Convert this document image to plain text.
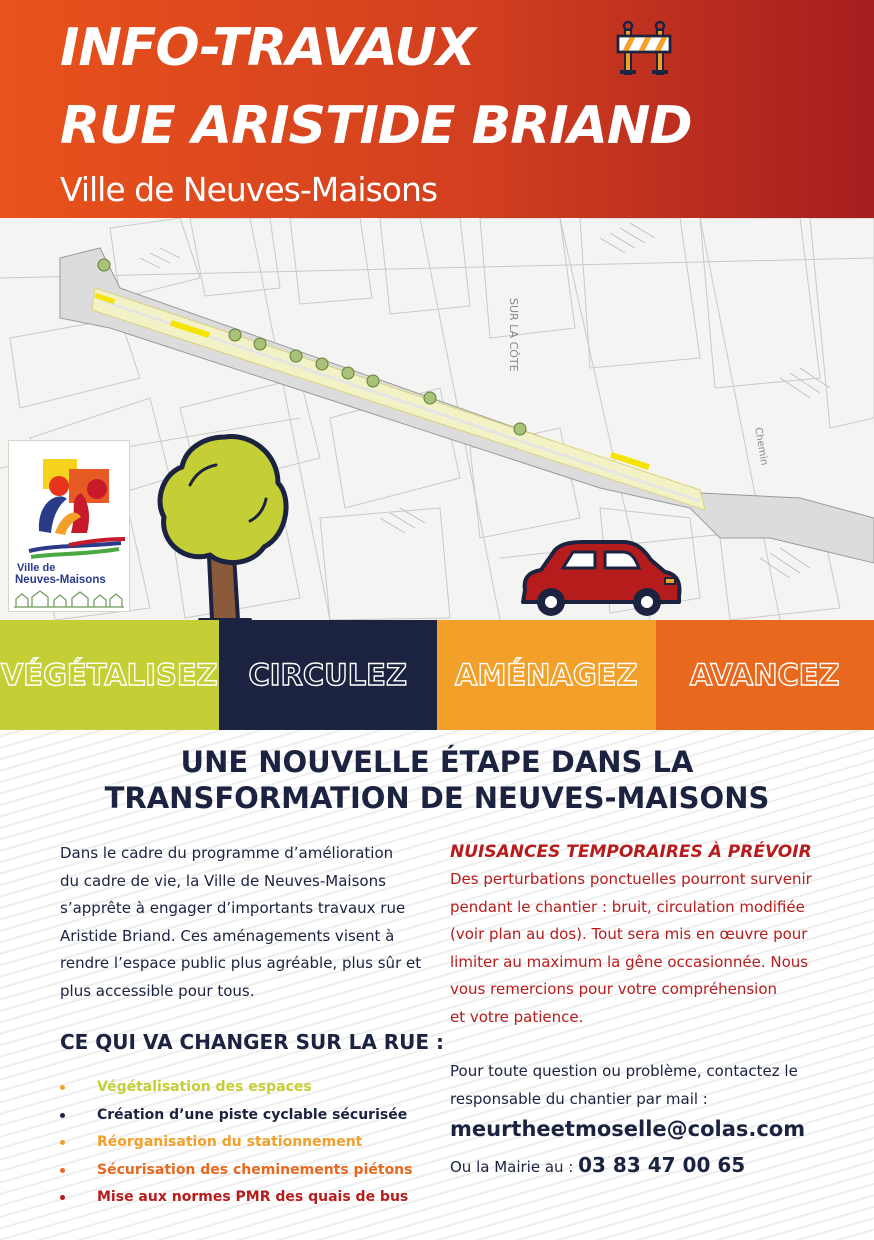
INFO-TRAVAUX
RUE ARISTIDE BRIAND
Ville de Neuves-Maisons
SUR LA CÔTE
Chemin
Ville de
Neuves-Maisons
VÉGÉTALISEZ CIRCULEZ AMÉNAGEZ AVANCEZ
UNE NOUVELLE ÉTAPE DANS LA
TRANSFORMATION DE NEUVES-MAISONS
Dans le cadre du programme d’amélioration
du cadre de vie, la Ville de Neuves-Maisons
s’apprête à engager d’importants travaux rue
Aristide Briand. Ces aménagements visent à
rendre l’espace public plus agréable, plus sûr et
plus accessible pour tous.
CE QUI VA CHANGER SUR LA RUE :
Végétalisation des espaces
Création d’une piste cyclable sécurisée
Réorganisation du stationnement
Sécurisation des cheminements piétons
Mise aux normes PMR des quais de bus
NUISANCES TEMPORAIRES À PRÉVOIR
Des perturbations ponctuelles pourront survenir
pendant le chantier : bruit, circulation modifiée
(voir plan au dos). Tout sera mis en œuvre pour
limiter au maximum la gêne occasionnée. Nous
vous remercions pour votre compréhension
et votre patience.
Pour toute question ou problème, contactez le
responsable du chantier par mail :
meurtheetmoselle@colas.com
Ou la Mairie au : 03 83 47 00 65
